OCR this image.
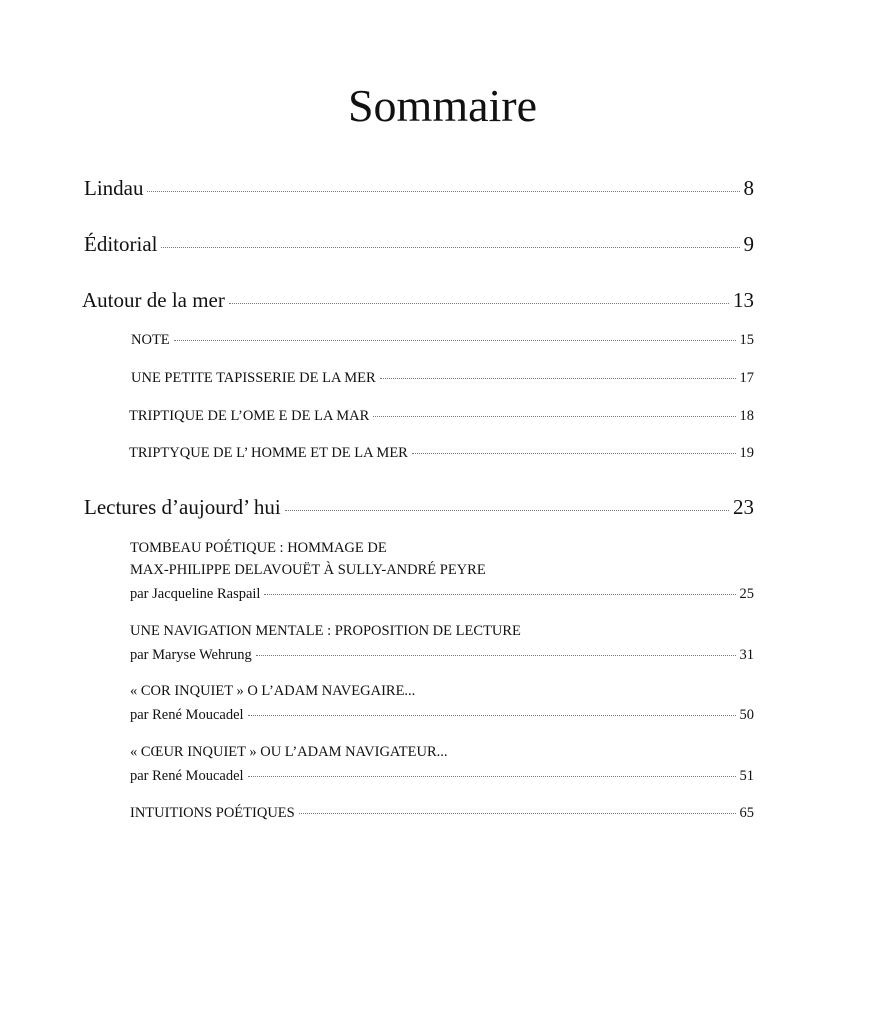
Sommaire
Lindau	8
Éditorial	9
Autour de la mer	13
NOTE	15
UNE PETITE TAPISSERIE DE LA MER	17
TRIPTIQUE DE L’OME E DE LA MAR	18
TRIPTYQUE DE L’ HOMME ET DE LA MER	19
Lectures d’aujourd’ hui	23
TOMBEAU POÉTIQUE : HOMMAGE DE
MAX-PHILIPPE DELAVOUËT À SULLY-ANDRÉ PEYRE
par Jacqueline Raspail	25
UNE NAVIGATION MENTALE : PROPOSITION DE LECTURE
par Maryse Wehrung	31
« COR INQUIET » O L’ADAM NAVEGAIRE...
par René Moucadel	50
« CŒUR INQUIET » OU L’ADAM NAVIGATEUR...
par René Moucadel	51
INTUITIONS POÉTIQUES	65
